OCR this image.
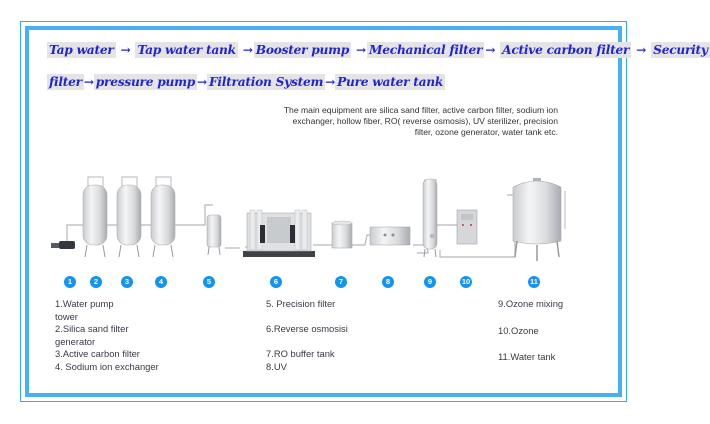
Tap water → Tap water tank → Booster pump → Mechanical filter → Active carbon filter → Security
filter → pressure pump → Filtration System → Pure water tank
The main equipment are silica sand filter, active carbon filter, sodium ion
exchanger, hollow fiber, RO( reverse osmosis), UV sterilizer, precision
filter, ozone generator, water tank etc.
1	2	3	4	5	6	7	8	9	10	11
1.Water pump
tower
2.Silica sand filter
generator
3.Active carbon filter
4. Sodium ion exchanger
5. Precision filter
6.Reverse osmosisi
7.RO buffer tank
8.UV
9.Ozone mixing
10.Ozone
11.Water tank
